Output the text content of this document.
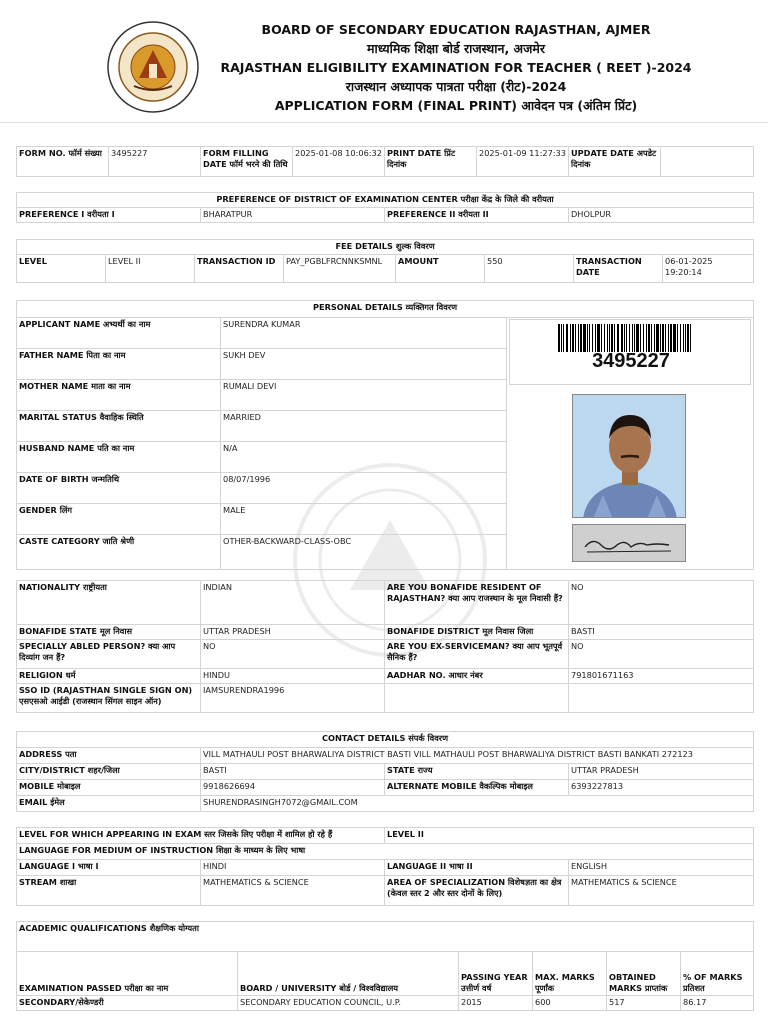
BOARD OF SECONDARY EDUCATION RAJASTHAN, AJMER
माध्यमिक शिक्षा बोर्ड राजस्थान, अजमेर
RAJASTHAN ELIGIBILITY EXAMINATION FOR TEACHER ( REET )-2024
राजस्थान अध्यापक पात्रता परीक्षा (रीट)-2024
APPLICATION FORM (FINAL PRINT) आवेदन पत्र (अंतिम प्रिंट)
FORM NO. फॉर्म संख्या	3495227	FORM FILLING DATE फॉर्म भरने की तिथि	2025-01-08 10:06:32	PRINT DATE प्रिंट दिनांक	2025-01-09 11:27:33	UPDATE DATE अपडेट दिनांक	
PREFERENCE OF DISTRICT OF EXAMINATION CENTER परीक्षा केंद्र के जिले की वरीयता
PREFERENCE I वरीयता I	BHARATPUR	PREFERENCE II वरीयता II	DHOLPUR
FEE DETAILS शुल्क विवरण
LEVEL	LEVEL II	TRANSACTION ID	PAY_PGBLFRCNNKSMNL	AMOUNT	550	TRANSACTION DATE	06-01-2025 19:20:14
PERSONAL DETAILS व्यक्तिगत विवरण		
APPLICANT NAME अभ्यर्थी का नाम	SURENDRA KUMAR	
FATHER NAME पिता का नाम	SUKH DEV	
MOTHER NAME माता का नाम	RUMALI DEVI	
MARITAL STATUS वैवाहिक स्थिति	MARRIED	
HUSBAND NAME पति का नाम	N/A	
DATE OF BIRTH जन्मतिथि	08/07/1996	
GENDER लिंग	MALE	
CASTE CATEGORY जाति श्रेणी	OTHER-BACKWARD-CLASS-OBC	
3495227
NATIONALITY राष्ट्रीयता	INDIAN	ARE YOU BONAFIDE RESIDENT OF RAJASTHAN? क्या आप राजस्थान के मूल निवासी हैं?	NO
BONAFIDE STATE मूल निवास	UTTAR PRADESH	BONAFIDE DISTRICT मूल निवास जिला	BASTI
SPECIALLY ABLED PERSON? क्या आप दिव्यांग जन हैं?	NO	ARE YOU EX-SERVICEMAN? क्या आप भूतपूर्व सैनिक हैं?	NO
RELIGION धर्म	HINDU	AADHAR NO. आधार नंबर	791801671163
SSO ID (RAJASTHAN SINGLE SIGN ON) एसएसओ आईडी (राजस्थान सिंगल साइन ऑन)	IAMSURENDRA1996		
CONTACT DETAILS संपर्क विवरण			
ADDRESS पता	VILL MATHAULI POST BHARWALIYA DISTRICT BASTI VILL MATHAULI POST BHARWALIYA DISTRICT BASTI BANKATI 272123		
CITY/DISTRICT शहर/जिला	BASTI	STATE राज्य	UTTAR PRADESH
MOBILE मोबाइल	9918626694	ALTERNATE MOBILE वैकल्पिक मोबाइल	6393227813
EMAIL ईमेल	SHURENDRASINGH7072@GMAIL.COM		
LEVEL FOR WHICH APPEARING IN EXAM स्तर जिसके लिए परीक्षा में शामिल हो रहे हैं		LEVEL II	
LANGUAGE FOR MEDIUM OF INSTRUCTION शिक्षा के माध्यम के लिए भाषा			
LANGUAGE I भाषा I	HINDI	LANGUAGE II भाषा II	ENGLISH
STREAM शाखा	MATHEMATICS & SCIENCE	AREA OF SPECIALIZATION विशेषज्ञता का क्षेत्र (केवल स्तर 2 और स्तर दोनों के लिए)	MATHEMATICS & SCIENCE
ACADEMIC QUALIFICATIONS शैक्षणिक योग्यता					
EXAMINATION PASSED परीक्षा का नाम	BOARD / UNIVERSITY बोर्ड / विश्वविद्यालय	PASSING YEAR उत्तीर्ण वर्ष	MAX. MARKS पूर्णांक	OBTAINED MARKS प्राप्तांक	% OF MARKS प्रतिशत
SECONDARY/सेकेण्डरी	SECONDARY EDUCATION COUNCIL, U.P.	2015	600	517	86.17
